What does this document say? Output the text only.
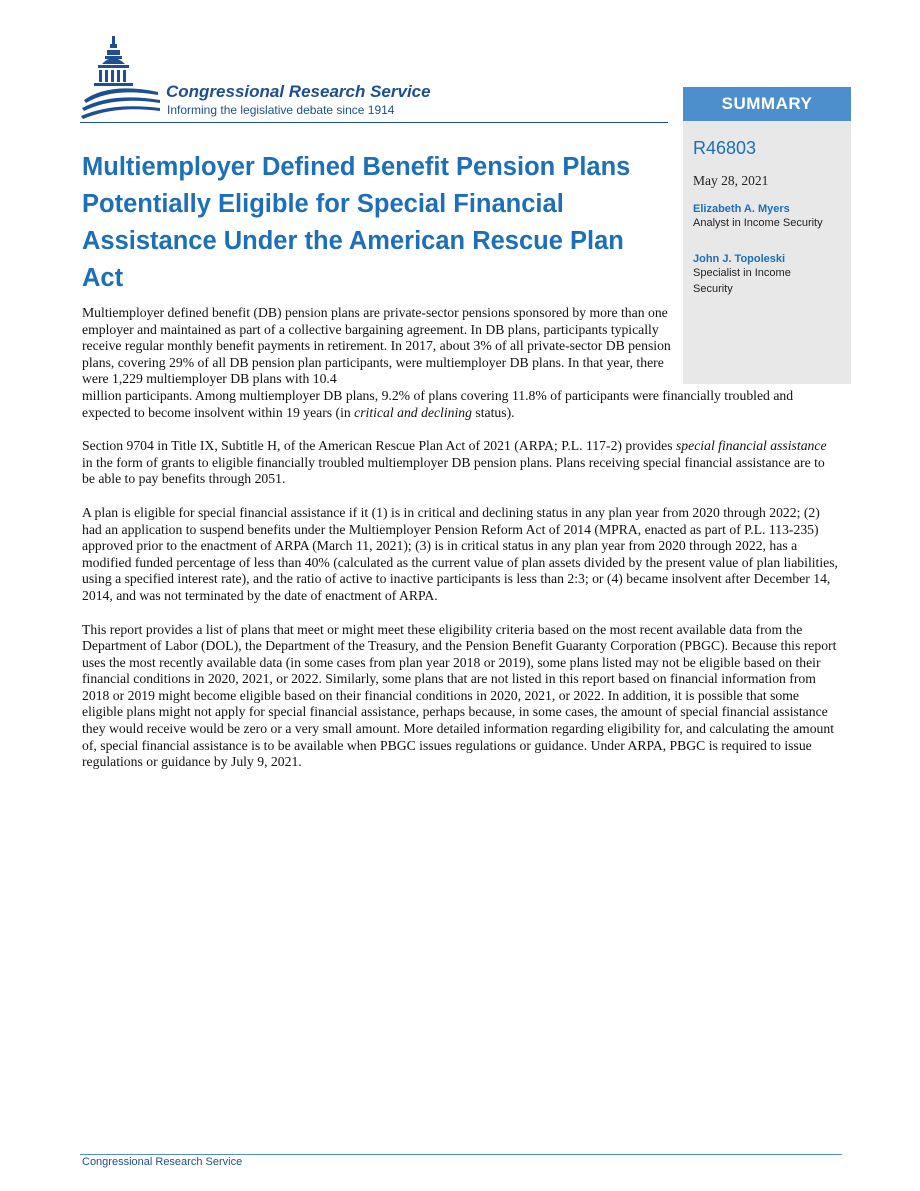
Congressional Research Service
Informing the legislative debate since 1914	SUMMARY
R46803
May 28, 2021
Elizabeth A. Myers
Analyst in Income Security
John J. Topoleski
Specialist in Income Security
Multiemployer Defined Benefit Pension Plans Potentially Eligible for Special Financial Assistance Under the American Rescue Plan Act

Multiemployer defined benefit (DB) pension plans are private-sector pensions sponsored by more than one employer and maintained as part of a collective bargaining agreement. In DB plans, participants typically receive regular monthly benefit payments in retirement. In 2017, about 3% of all private-sector DB pension plans, covering 29% of all DB pension plan participants, were multiemployer DB plans. In that year, there were 1,229 multiemployer DB plans with 10.4
million participants. Among multiemployer DB plans, 9.2% of plans covering 11.8% of participants were financially troubled and expected to become insolvent within 19 years (in critical and declining status).

Section 9704 in Title IX, Subtitle H, of the American Rescue Plan Act of 2021 (ARPA; P.L. 117-2) provides special financial assistance in the form of grants to eligible financially troubled multiemployer DB pension plans. Plans receiving special financial assistance are to be able to pay benefits through 2051.

A plan is eligible for special financial assistance if it (1) is in critical and declining status in any plan year from 2020 through 2022; (2) had an application to suspend benefits under the Multiemployer Pension Reform Act of 2014 (MPRA, enacted as part of P.L. 113-235) approved prior to the enactment of ARPA (March 11, 2021); (3) is in critical status in any plan year from 2020 through 2022, has a modified funded percentage of less than 40% (calculated as the current value of plan assets divided by the present value of plan liabilities, using a specified interest rate), and the ratio of active to inactive participants is less than 2:3; or (4) became insolvent after December 14, 2014, and was not terminated by the date of enactment of ARPA.

This report provides a list of plans that meet or might meet these eligibility criteria based on the most recent available data from the Department of Labor (DOL), the Department of the Treasury, and the Pension Benefit Guaranty Corporation (PBGC). Because this report uses the most recently available data (in some cases from plan year 2018 or 2019), some plans listed may not be eligible based on their financial conditions in 2020, 2021, or 2022. Similarly, some plans that are not listed in this report based on financial information from 2018 or 2019 might become eligible based on their financial conditions in 2020, 2021, or 2022. In addition, it is possible that some eligible plans might not apply for special financial assistance, perhaps because, in some cases, the amount of special financial assistance they would receive would be zero or a very small amount. More detailed information regarding eligibility for, and calculating the amount of, special financial assistance is to be available when PBGC issues regulations or guidance. Under ARPA, PBGC is required to issue regulations or guidance by July 9, 2021.

Congressional Research Service
